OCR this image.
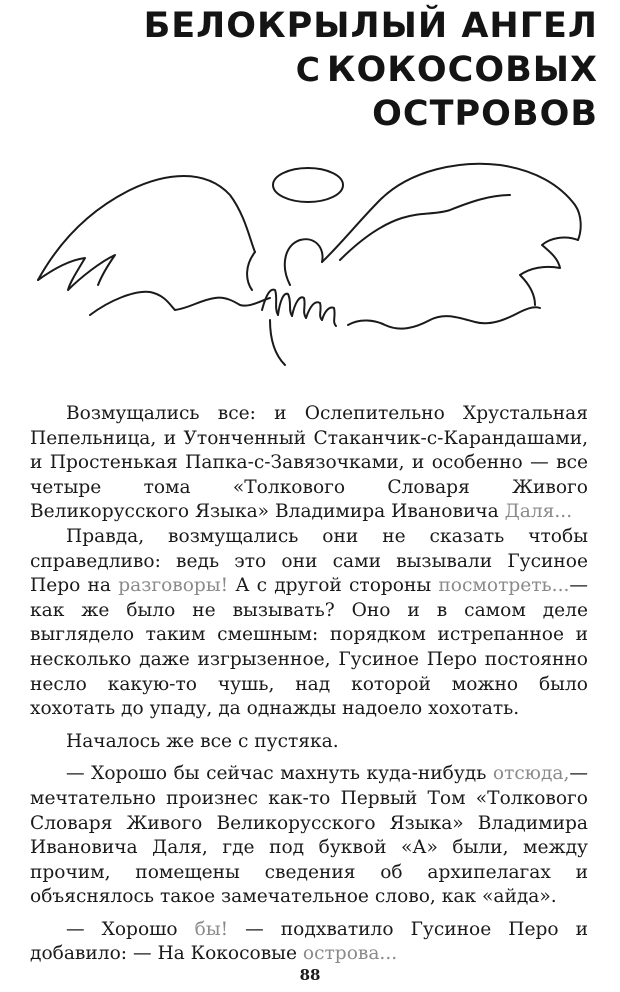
БЕЛОКРЫЛЫЙ АНГЕЛ
С КОКОСОВЫХ
ОСТРОВОВ

Возмущались все: и Ослепительно Хрустальная Пепельница, и Утонченный Стаканчик-с-Карандашами, и Простенькая Папка-с-Завязочками, и особенно — все четыре тома «Толкового Словаря Живого Великорусского Языка» Владимира Ивановича Даля...

Правда, возмущались они не сказать чтобы справедливо: ведь это они сами вызывали Гусиное Перо на разговоры! А с другой стороны посмотреть...— как же было не вызывать? Оно и в самом деле выглядело таким смешным: порядком истрепанное и несколько даже изгрызенное, Гусиное Перо постоянно несло какую-то чушь, над которой можно было хохотать до упаду, да однажды надоело хохотать.

Началось же все с пустяка.

— Хорошо бы сейчас махнуть куда-нибудь отсюда,— мечтательно произнес как-то Первый Том «Толкового Словаря Живого Великорусского Языка» Владимира Ивановича Даля, где под буквой «А» были, между прочим, помещены сведения об архипелагах и объяснялось такое замечательное слово, как «айда».

— Хорошо бы! — подхватило Гусиное Перо и добавило: — На Кокосовые острова...

88
